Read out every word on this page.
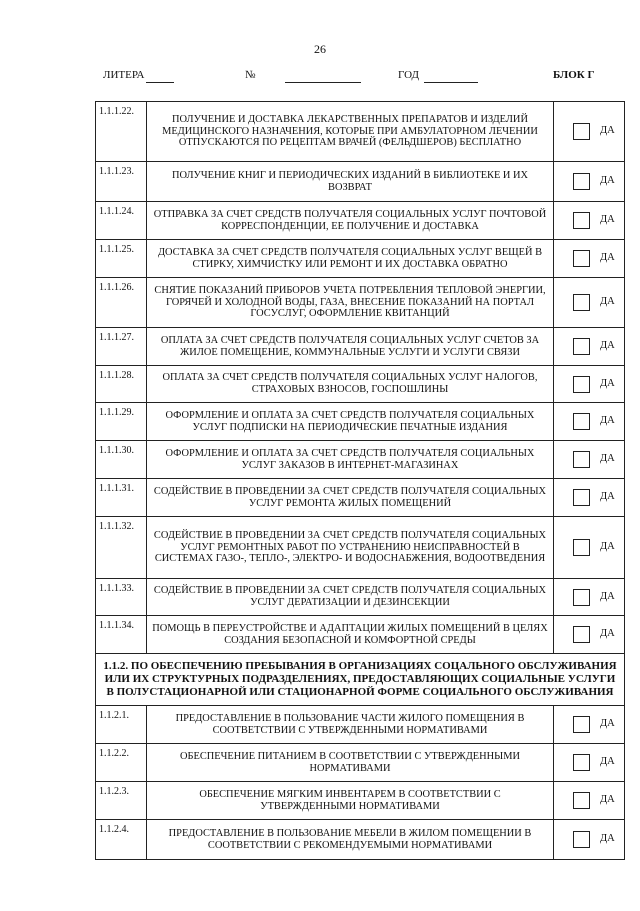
26
ЛИТЕРА	№	ГОД	БЛОК Г
1.1.1.22.	ПОЛУЧЕНИЕ И ДОСТАВКА ЛЕКАРСТВЕННЫХ ПРЕПАРАТОВ И ИЗДЕЛИЙ МЕДИЦИНСКОГО НАЗНАЧЕНИЯ, КОТОРЫЕ ПРИ АМБУЛАТОРНОМ ЛЕЧЕНИИ ОТПУСКАЮТСЯ ПО РЕЦЕПТАМ ВРАЧЕЙ (ФЕЛЬДШЕРОВ) БЕСПЛАТНО	ДА

1.1.1.23.	ПОЛУЧЕНИЕ КНИГ И ПЕРИОДИЧЕСКИХ ИЗДАНИЙ В БИБЛИОТЕКЕ И ИХ ВОЗВРАТ	ДА

1.1.1.24.	ОТПРАВКА ЗА СЧЕТ СРЕДСТВ ПОЛУЧАТЕЛЯ СОЦИАЛЬНЫХ УСЛУГ ПОЧТОВОЙ КОРРЕСПОНДЕНЦИИ, ЕЕ ПОЛУЧЕНИЕ И ДОСТАВКА	ДА

1.1.1.25.	ДОСТАВКА ЗА СЧЕТ СРЕДСТВ ПОЛУЧАТЕЛЯ СОЦИАЛЬНЫХ УСЛУГ ВЕЩЕЙ В СТИРКУ, ХИМЧИСТКУ ИЛИ РЕМОНТ И ИХ ДОСТАВКА ОБРАТНО	ДА

1.1.1.26.	СНЯТИЕ ПОКАЗАНИЙ ПРИБОРОВ УЧЕТА ПОТРЕБЛЕНИЯ ТЕПЛОВОЙ ЭНЕРГИИ, ГОРЯЧЕЙ И ХОЛОДНОЙ ВОДЫ, ГАЗА, ВНЕСЕНИЕ ПОКАЗАНИЙ НА ПОРТАЛ ГОСУСЛУГ, ОФОРМЛЕНИЕ КВИТАНЦИЙ	ДА

1.1.1.27.	ОПЛАТА ЗА СЧЕТ СРЕДСТВ ПОЛУЧАТЕЛЯ СОЦИАЛЬНЫХ УСЛУГ СЧЕТОВ ЗА ЖИЛОЕ ПОМЕЩЕНИЕ, КОММУНАЛЬНЫЕ УСЛУГИ И УСЛУГИ СВЯЗИ	ДА

1.1.1.28.	ОПЛАТА ЗА СЧЕТ СРЕДСТВ ПОЛУЧАТЕЛЯ СОЦИАЛЬНЫХ УСЛУГ НАЛОГОВ, СТРАХОВЫХ ВЗНОСОВ, ГОСПОШЛИНЫ	ДА

1.1.1.29.	ОФОРМЛЕНИЕ И ОПЛАТА ЗА СЧЕТ СРЕДСТВ ПОЛУЧАТЕЛЯ СОЦИАЛЬНЫХ УСЛУГ ПОДПИСКИ НА ПЕРИОДИЧЕСКИЕ ПЕЧАТНЫЕ ИЗДАНИЯ	ДА

1.1.1.30.	ОФОРМЛЕНИЕ И ОПЛАТА ЗА СЧЕТ СРЕДСТВ ПОЛУЧАТЕЛЯ СОЦИАЛЬНЫХ УСЛУГ ЗАКАЗОВ В ИНТЕРНЕТ-МАГАЗИНАХ	ДА

1.1.1.31.	СОДЕЙСТВИЕ В ПРОВЕДЕНИИ ЗА СЧЕТ СРЕДСТВ ПОЛУЧАТЕЛЯ СОЦИАЛЬНЫХ УСЛУГ РЕМОНТА ЖИЛЫХ ПОМЕЩЕНИЙ	ДА

1.1.1.32.	СОДЕЙСТВИЕ В ПРОВЕДЕНИИ ЗА СЧЕТ СРЕДСТВ ПОЛУЧАТЕЛЯ СОЦИАЛЬНЫХ УСЛУГ РЕМОНТНЫХ РАБОТ ПО УСТРАНЕНИЮ НЕИСПРАВНОСТЕЙ В СИСТЕМАХ ГАЗО-, ТЕПЛО-, ЭЛЕКТРО- И ВОДОСНАБЖЕНИЯ, ВОДООТВЕДЕНИЯ	ДА

1.1.1.33.	СОДЕЙСТВИЕ В ПРОВЕДЕНИИ ЗА СЧЕТ СРЕДСТВ ПОЛУЧАТЕЛЯ СОЦИАЛЬНЫХ УСЛУГ ДЕРАТИЗАЦИИ И ДЕЗИНСЕКЦИИ	ДА

1.1.1.34.	ПОМОЩЬ В ПЕРЕУСТРОЙСТВЕ И АДАПТАЦИИ ЖИЛЫХ ПОМЕЩЕНИЙ В ЦЕЛЯХ СОЗДАНИЯ БЕЗОПАСНОЙ И КОМФОРТНОЙ СРЕДЫ	ДА

1.1.2. ПО ОБЕСПЕЧЕНИЮ ПРЕБЫВАНИЯ В ОРГАНИЗАЦИЯХ СОЦАЛЬНОГО ОБСЛУЖИВАНИЯ ИЛИ ИХ СТРУКТУРНЫХ ПОДРАЗДЕЛЕНИЯХ, ПРЕДОСТАВЛЯЮЩИХ СОЦИАЛЬНЫЕ УСЛУГИ В ПОЛУСТАЦИОНАРНОЙ ИЛИ СТАЦИОНАРНОЙ ФОРМЕ СОЦИАЛЬНОГО ОБСЛУЖИВАНИЯ		
1.1.2.1.	ПРЕДОСТАВЛЕНИЕ В ПОЛЬЗОВАНИЕ ЧАСТИ ЖИЛОГО ПОМЕЩЕНИЯ В СООТВЕТСТВИИ С УТВЕРЖДЕННЫМИ НОРМАТИВАМИ	ДА

1.1.2.2.	ОБЕСПЕЧЕНИЕ ПИТАНИЕМ В СООТВЕТСТВИИ С УТВЕРЖДЕННЫМИ НОРМАТИВАМИ	ДА

1.1.2.3.	ОБЕСПЕЧЕНИЕ МЯГКИМ ИНВЕНТАРЕМ В СООТВЕТСТВИИ С УТВЕРЖДЕННЫМИ НОРМАТИВАМИ	ДА

1.1.2.4.	ПРЕДОСТАВЛЕНИЕ В ПОЛЬЗОВАНИЕ МЕБЕЛИ В ЖИЛОМ ПОМЕЩЕНИИ В СООТВЕТСТВИИ С РЕКОМЕНДУЕМЫМИ НОРМАТИВАМИ	ДА
